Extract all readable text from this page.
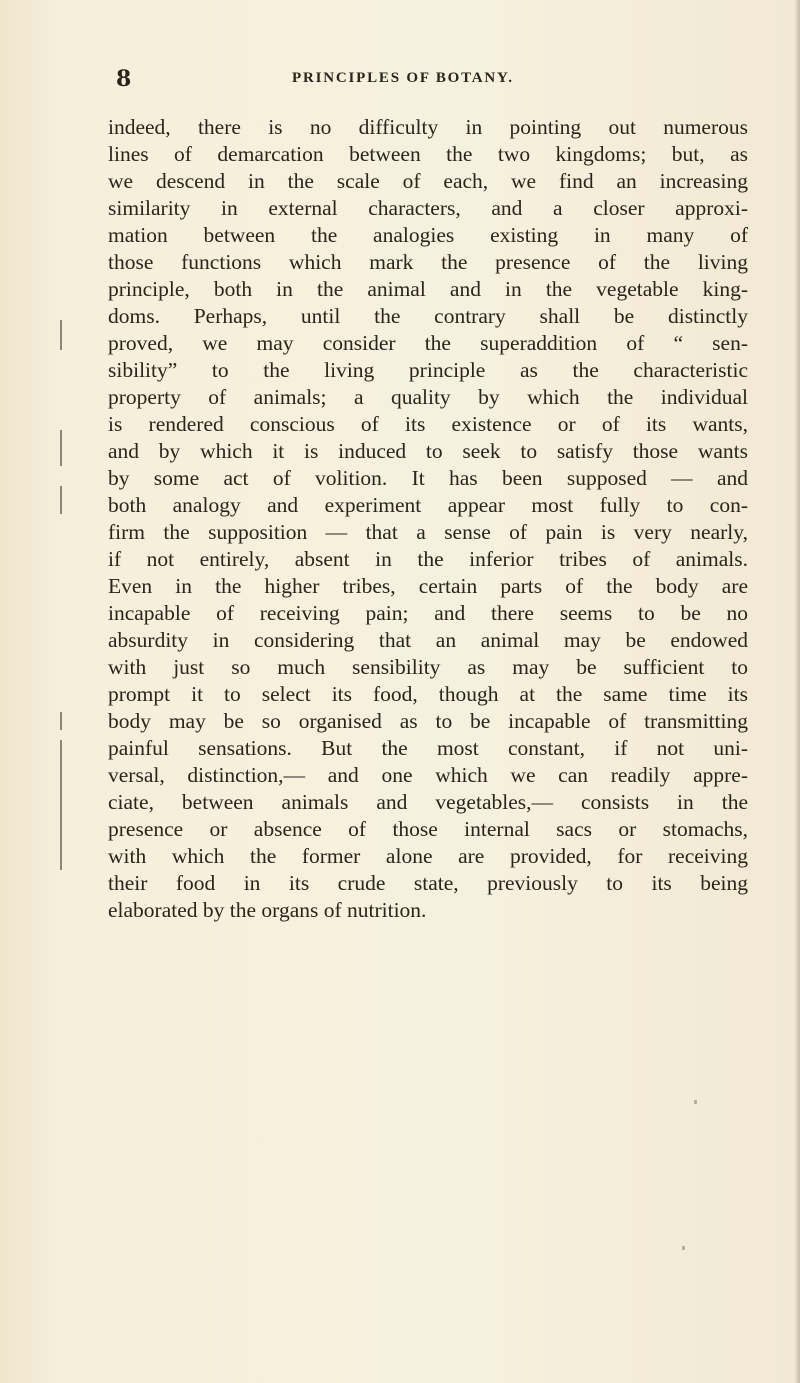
8	PRINCIPLES OF BOTANY.
indeed, there is no difficulty in pointing out numerous
lines of demarcation between the two kingdoms; but, as
we descend in the scale of each, we find an increasing
similarity in external characters, and a closer approxi-
mation between the analogies existing in many of
those functions which mark the presence of the living
principle, both in the animal and in the vegetable king-
doms. Perhaps, until the contrary shall be distinctly
proved, we may consider the superaddition of “ sen-
sibility” to the living principle as the characteristic
property of animals; a quality by which the individual
is rendered conscious of its existence or of its wants,
and by which it is induced to seek to satisfy those wants
by some act of volition. It has been supposed — and
both analogy and experiment appear most fully to con-
firm the supposition — that a sense of pain is very nearly,
if not entirely, absent in the inferior tribes of animals.
Even in the higher tribes, certain parts of the body are
incapable of receiving pain; and there seems to be no
absurdity in considering that an animal may be endowed
with just so much sensibility as may be sufficient to
prompt it to select its food, though at the same time its
body may be so organised as to be incapable of transmitting
painful sensations. But the most constant, if not uni-
versal, distinction,— and one which we can readily appre-
ciate, between animals and vegetables,— consists in the
presence or absence of those internal sacs or stomachs,
with which the former alone are provided, for receiving
their food in its crude state, previously to its being
elaborated by the organs of nutrition.
